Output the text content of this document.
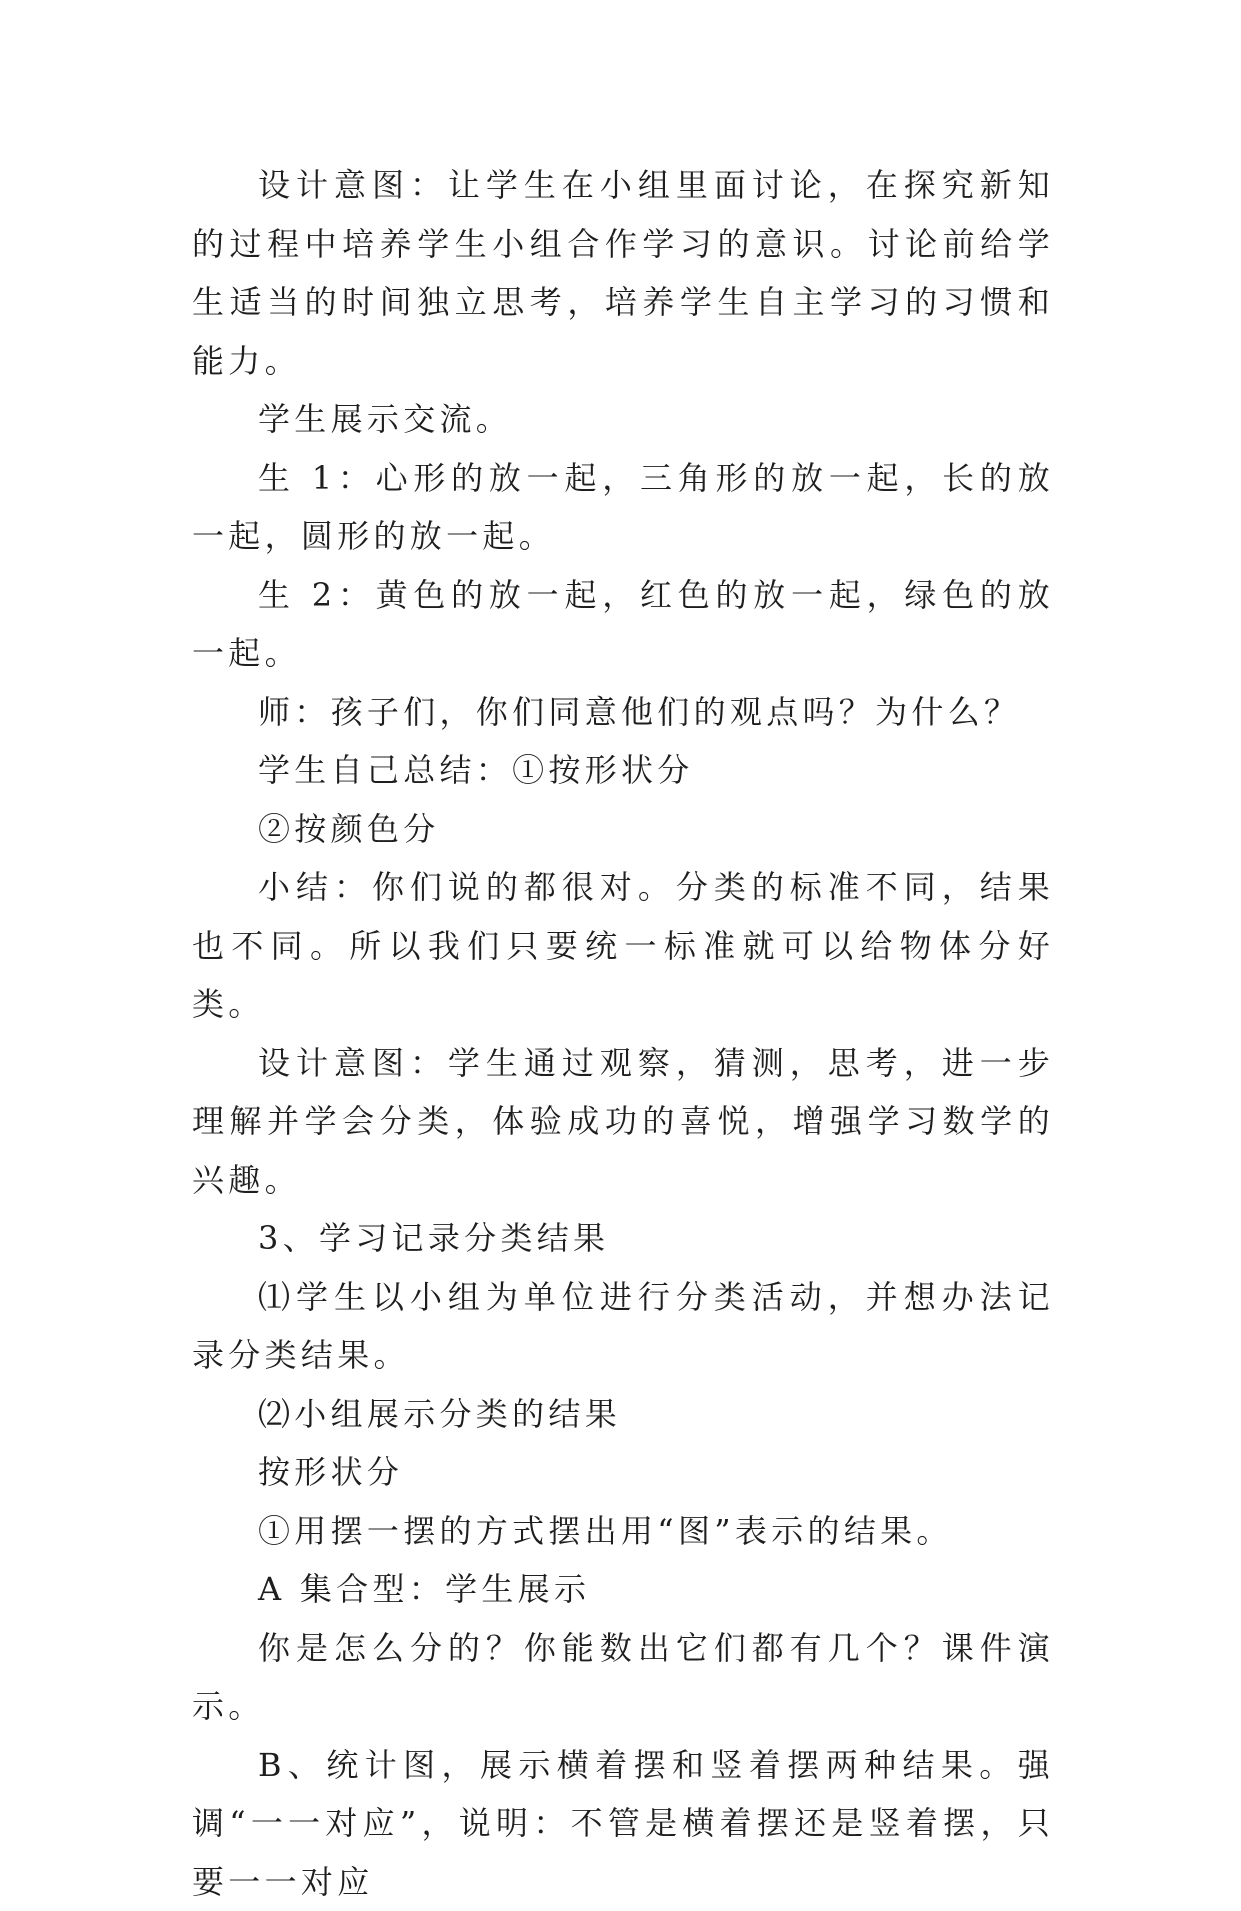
设计意图：让学生在小组里面讨论，在探究新知的过程中培养学生小组合作学习的意识。讨论前给学生适当的时间独立思考，培养学生自主学习的习惯和能力。

学生展示交流。

生 1：心形的放一起，三角形的放一起，长的放一起，圆形的放一起。

生 2：黄色的放一起，红色的放一起，绿色的放一起。

师：孩子们，你们同意他们的观点吗？为什么？

学生自己总结：①按形状分

②按颜色分

小结：你们说的都很对。分类的标准不同，结果也不同。所以我们只要统一标准就可以给物体分好类。

设计意图：学生通过观察，猜测，思考，进一步理解并学会分类，体验成功的喜悦，增强学习数学的兴趣。

3、学习记录分类结果

⑴学生以小组为单位进行分类活动，并想办法记录分类结果。

⑵小组展示分类的结果

按形状分

①用摆一摆的方式摆出用“图”表示的结果。

A 集合型：学生展示

你是怎么分的？你能数出它们都有几个？课件演示。

B、统计图，展示横着摆和竖着摆两种结果。强调“一一对应”，说明：不管是横着摆还是竖着摆，只要一一对应
